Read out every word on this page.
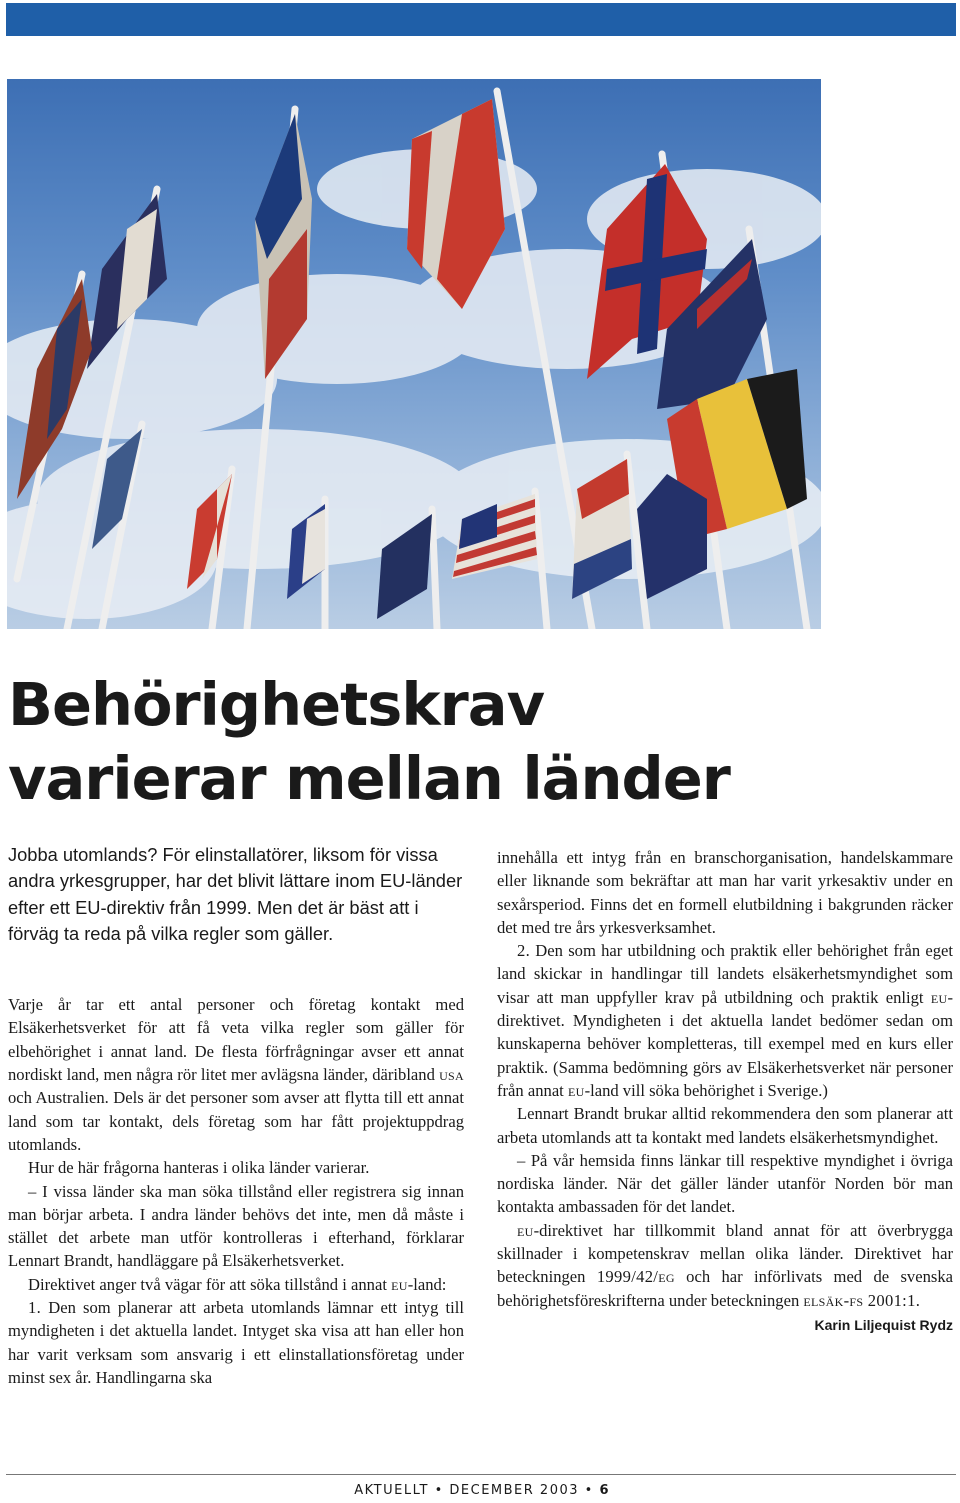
Behörighetskrav
varierar mellan länder

Jobba utomlands? För elinstallatörer, liksom för vissa andra yrkesgrupper, har det blivit lättare inom EU-länder efter ett EU-direktiv från 1999. Men det är bäst att i förväg ta reda på vilka regler som gäller.

Varje år tar ett antal personer och företag kontakt med Elsäkerhetsverket för att få veta vilka regler som gäller för elbehörighet i annat land. De flesta förfrågningar avser ett annat nordiskt land, men några rör litet mer avlägsna länder, däribland usa och Australien. Dels är det personer som avser att flytta till ett annat land som tar kontakt, dels företag som har fått projektuppdrag utomlands.

Hur de här frågorna hanteras i olika länder varierar.

– I vissa länder ska man söka tillstånd eller registrera sig innan man börjar arbeta. I andra länder behövs det inte, men då måste i stället det arbete man utför kontrolleras i efterhand, förklarar Lennart Brandt, handläggare på Elsäkerhetsverket.

Direktivet anger två vägar för att söka tillstånd i annat eu-land:

1. Den som planerar att arbeta utomlands lämnar ett intyg till myndigheten i det aktuella landet. Intyget ska visa att han eller hon har varit verksam som ansvarig i ett elinstallationsföretag under minst sex år. Handlingarna ska

innehålla ett intyg från en branschorganisation, handelskammare eller liknande som bekräftar att man har varit yrkesaktiv under en sexårsperiod. Finns det en formell elutbildning i bakgrunden räcker det med tre års yrkesverksamhet.

2. Den som har utbildning och praktik eller behörighet från eget land skickar in handlingar till landets elsäkerhetsmyndighet som visar att man uppfyller krav på utbildning och praktik enligt eu-direktivet. Myndigheten i det aktuella landet bedömer sedan om kunskaperna behöver kompletteras, till exempel med en kurs eller praktik. (Samma bedömning görs av Elsäkerhetsverket när personer från annat eu-land vill söka behörighet i Sverige.)

Lennart Brandt brukar alltid rekommendera den som planerar att arbeta utomlands att ta kontakt med landets elsäkerhetsmyndighet.

– På vår hemsida finns länkar till respektive myndighet i övriga nordiska länder. När det gäller länder utanför Norden bör man kontakta ambassaden för det landet.

eu-direktivet har tillkommit bland annat för att överbrygga skillnader i kompetenskrav mellan olika länder. Direktivet har beteckningen 1999/42/eg och har införlivats med de svenska behörighetsföreskrifterna under beteckningen elsäk-fs 2001:1.

Karin Liljequist Rydz
AKTUELLT • DECEMBER 2003 • 6
